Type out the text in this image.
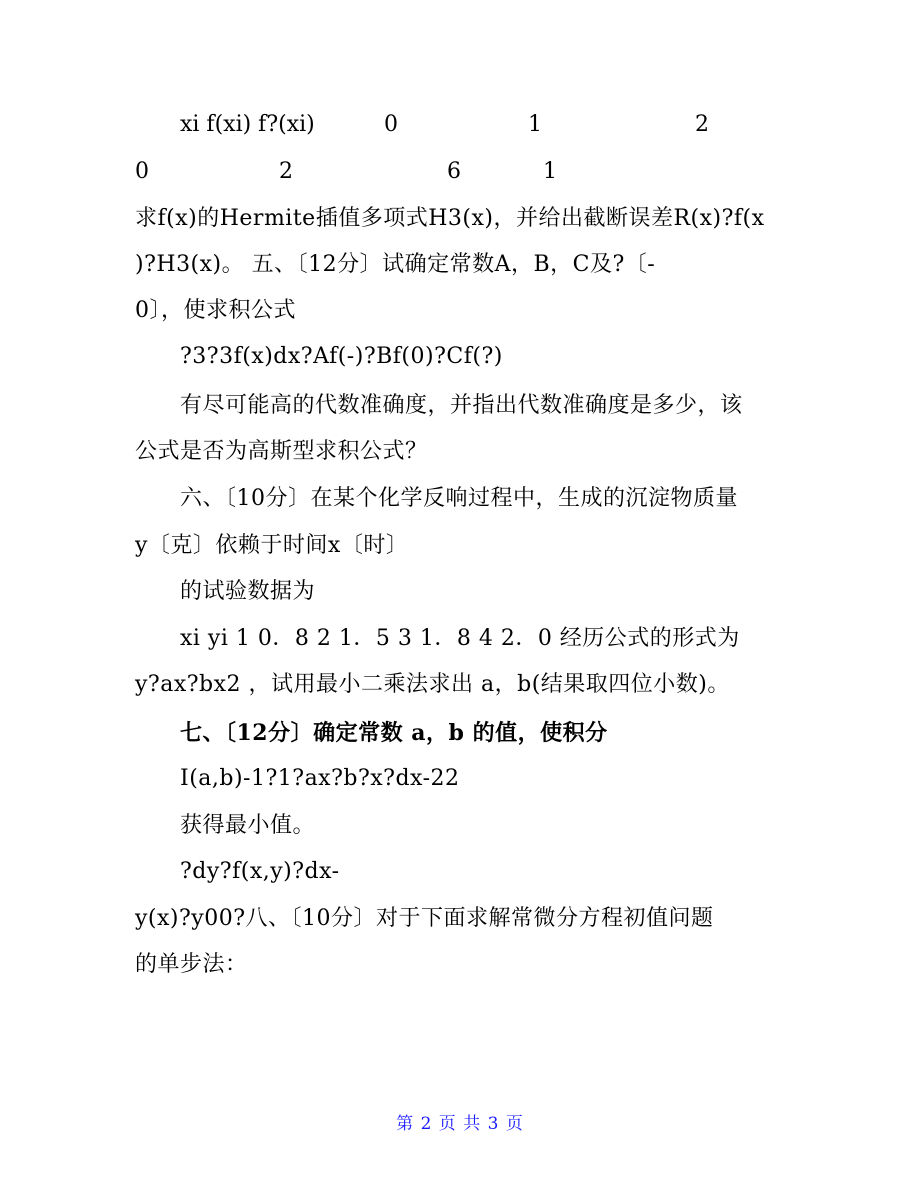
xi f(xi) f?(xi)	0	1	2
0	2	6	1
求f(x)的Hermite插值多项式H3(x)，并给出截断误差R(x)?f(x
)?H3(x)。 五、〔12分〕试确定常数A，B，C及?〔-
0〕，使求积公式
?3?3f(x)dx?Af(-)?Bf(0)?Cf(?)
有尽可能高的代数准确度，并指出代数准确度是多少，该
公式是否为高斯型求积公式？
六、〔10分〕在某个化学反响过程中，生成的沉淀物质量
y〔克〕依赖于时间x〔时〕
的试验数据为
xi yi 1 0．8 2 1．5 3 1．8 4 2．0 经历公式的形式为
y?ax?bx2 ，试用最小二乘法求出 a，b(结果取四位小数)。
七、〔12分〕确定常数 a，b 的值，使积分
I(a,b)-1?1?ax?b?x?dx-22
获得最小值。
?dy?f(x,y)?dx-
y(x)?y00?八、〔10分〕对于下面求解常微分方程初值问题
的单步法：
第 2 页 共 3 页
